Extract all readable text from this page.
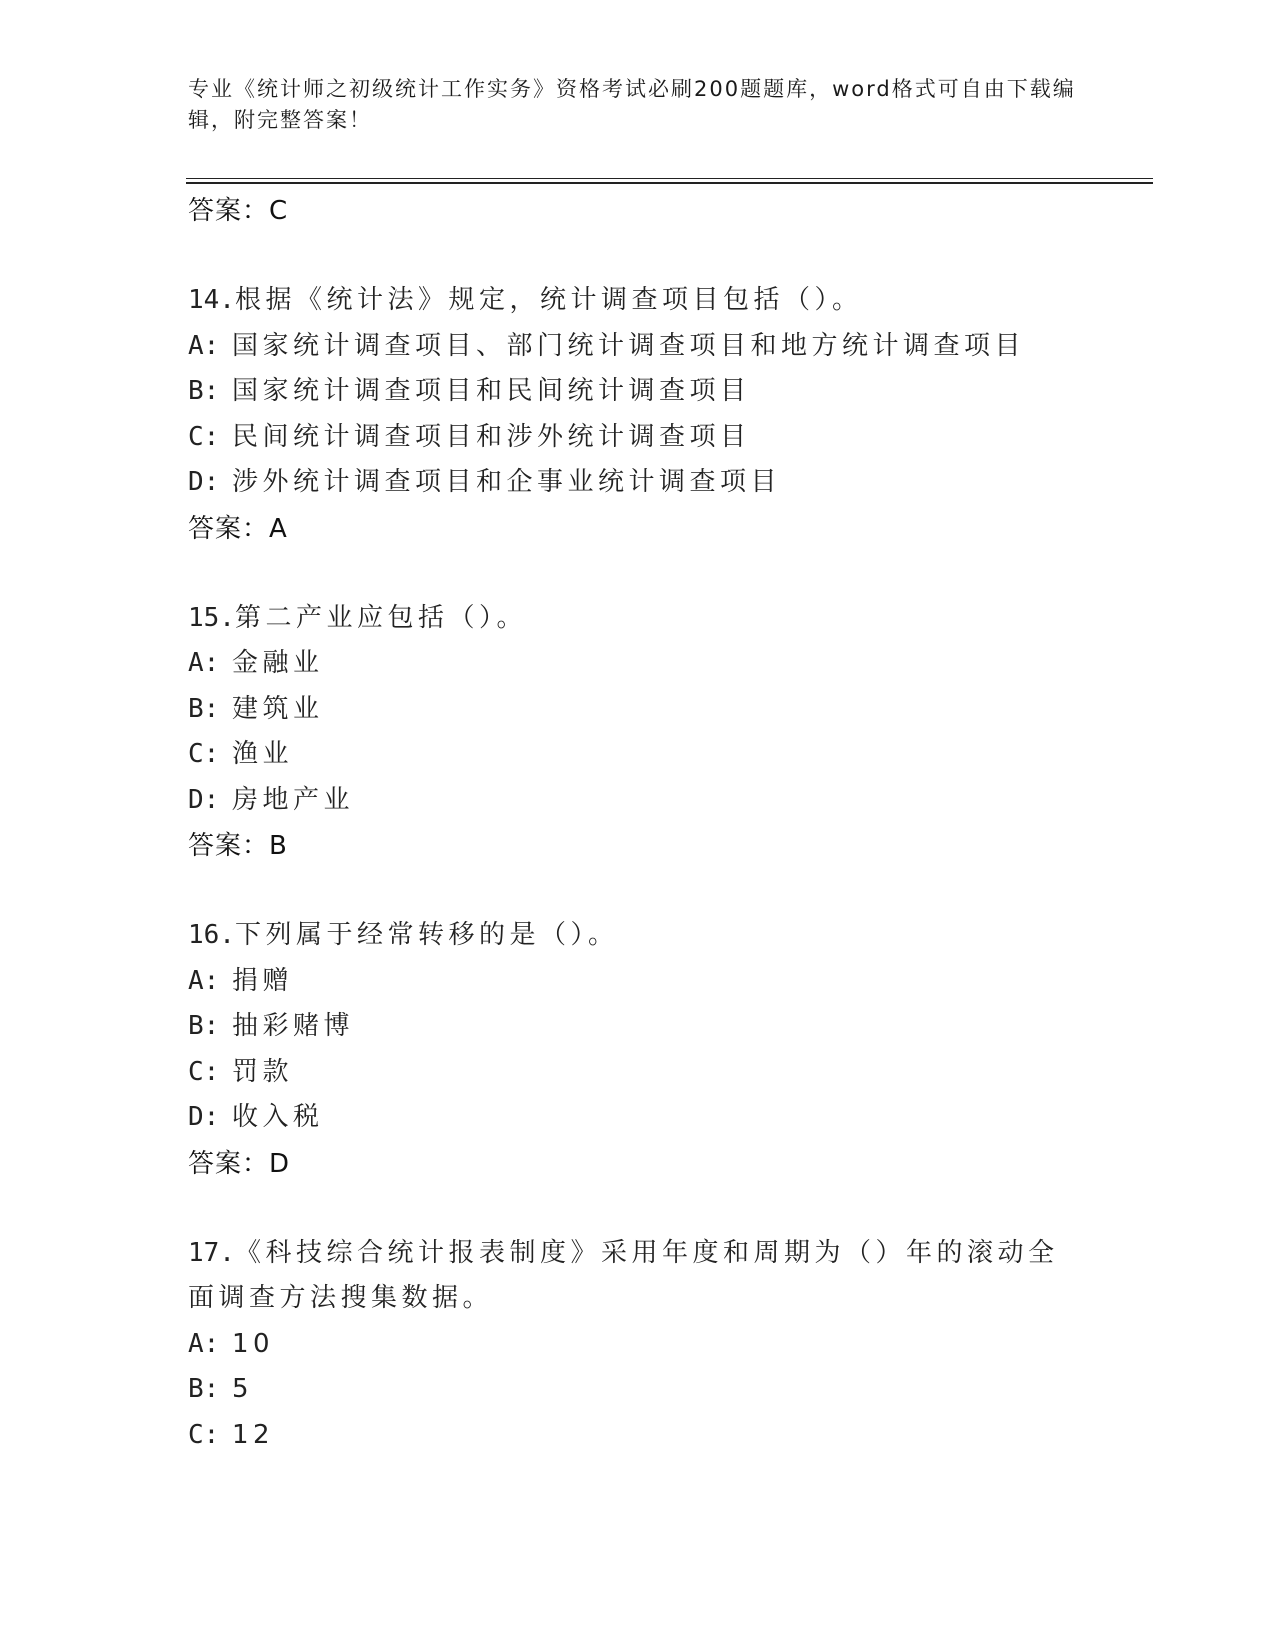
专业《统计师之初级统计工作实务》资格考试必刷200题题库，word格式可自由下载编辑，附完整答案！
答案：C
14.根据《统计法》规定，统计调查项目包括（）。
A: 国家统计调查项目、部门统计调查项目和地方统计调查项目
B: 国家统计调查项目和民间统计调查项目
C: 民间统计调查项目和涉外统计调查项目
D: 涉外统计调查项目和企事业统计调查项目
答案：A
15.第二产业应包括（）。
A: 金融业
B: 建筑业
C: 渔业
D: 房地产业
答案：B
16.下列属于经常转移的是（）。
A: 捐赠
B: 抽彩赌博
C: 罚款
D: 收入税
答案：D
17.《科技综合统计报表制度》采用年度和周期为（）年的滚动全面调查方法搜集数据。
A: 10
B: 5
C: 12
